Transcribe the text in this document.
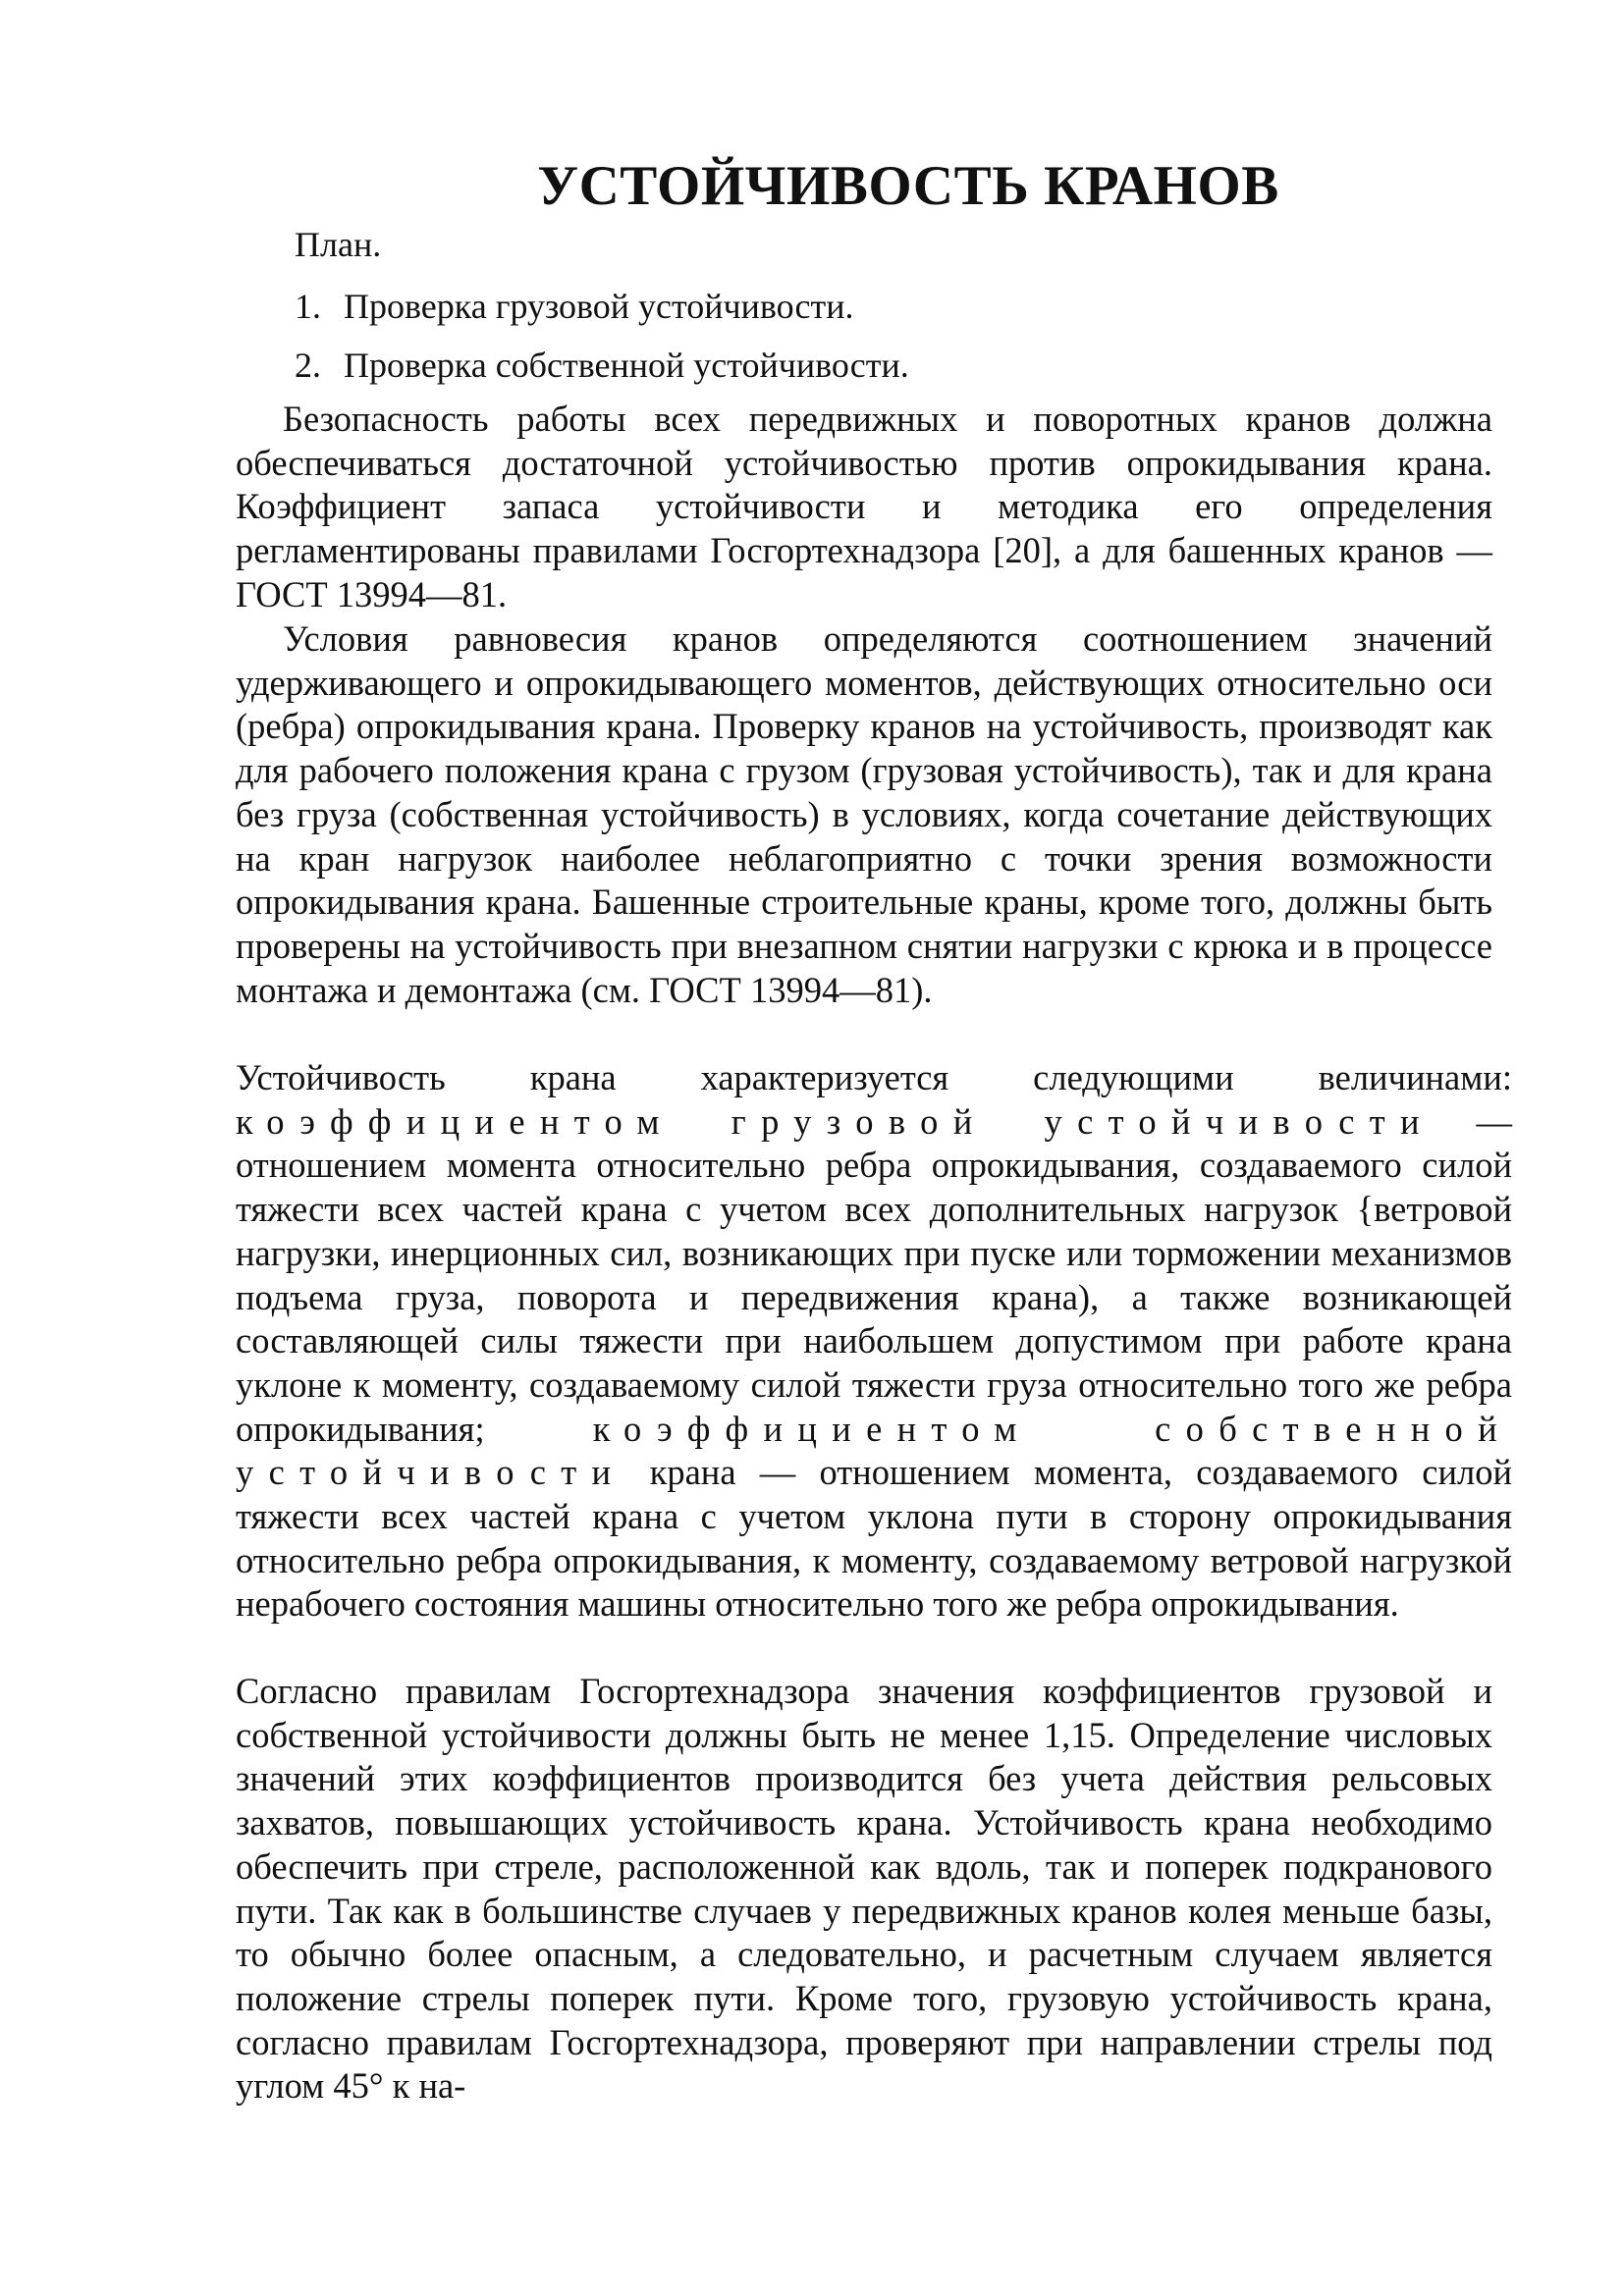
УСТОЙЧИВОСТЬ КРАНОВ

План.

1. Проверка грузовой устойчивости.
2. Проверка собственной устойчивости.

Безопасность работы всех передвижных и поворотных кранов должна обеспечиваться достаточной устойчивостью против опрокидывания крана. Коэффициент запаса устойчивости и методика его определения регламентированы правилами Госгортехнадзора [20], а для башенных кранов — ГОСТ 13994—81.

Условия равновесия кранов определяются соотношением значений удерживающего и опрокидывающего моментов, действующих относительно оси (ребра) опрокидывания крана. Проверку кранов на устойчивость, производят как для рабочего положения крана с грузом (грузовая устойчивость), так и для крана без груза (собственная устойчивость) в условиях, когда сочетание действующих на кран нагрузок наиболее неблагоприятно с точки зрения возможности опрокидывания крана. Башенные строительные краны, кроме того, должны быть проверены на устойчивость при внезапном снятии нагрузки с крюка и в процессе монтажа и демонтажа (см. ГОСТ 13994—81).

Устойчивость крана характеризуется следующими величинами: коэффициентом грузовой устойчивости — отношением момента относительно ребра опрокидывания, создаваемого силой тяжести всех частей крана с учетом всех дополнительных нагрузок {ветровой нагрузки, инерционных сил, возникающих при пуске или торможении механизмов подъема груза, поворота и передвижения крана), а также возникающей составляющей силы тяжести при наибольшем допустимом при работе крана уклоне к моменту, создаваемому силой тяжести груза относительно того же ребра опрокидывания;	коэффициентом собственной устойчивости крана — отношением момента, создаваемого силой тяжести всех частей крана с учетом уклона пути в сторону опрокидывания относительно ребра опрокидывания, к моменту, создаваемому ветровой нагрузкой нерабочего состояния машины относительно того же ребра опрокидывания.

Согласно правилам Госгортехнадзора значения коэффициентов грузовой и собственной устойчивости должны быть не менее 1,15. Определение числовых значений этих коэффициентов производится без учета действия рельсовых захватов, повышающих устойчивость крана. Устойчивость крана необходимо обеспечить при стреле, расположенной как вдоль, так и поперек подкранового пути. Так как в большинстве случаев у передвижных кранов колея меньше базы, то обычно более опасным, а следовательно, и расчетным случаем является положение стрелы поперек пути. Кроме того, грузовую устойчивость крана, согласно правилам Госгортехнадзора, проверяют при направлении стрелы под углом 45° к на-
